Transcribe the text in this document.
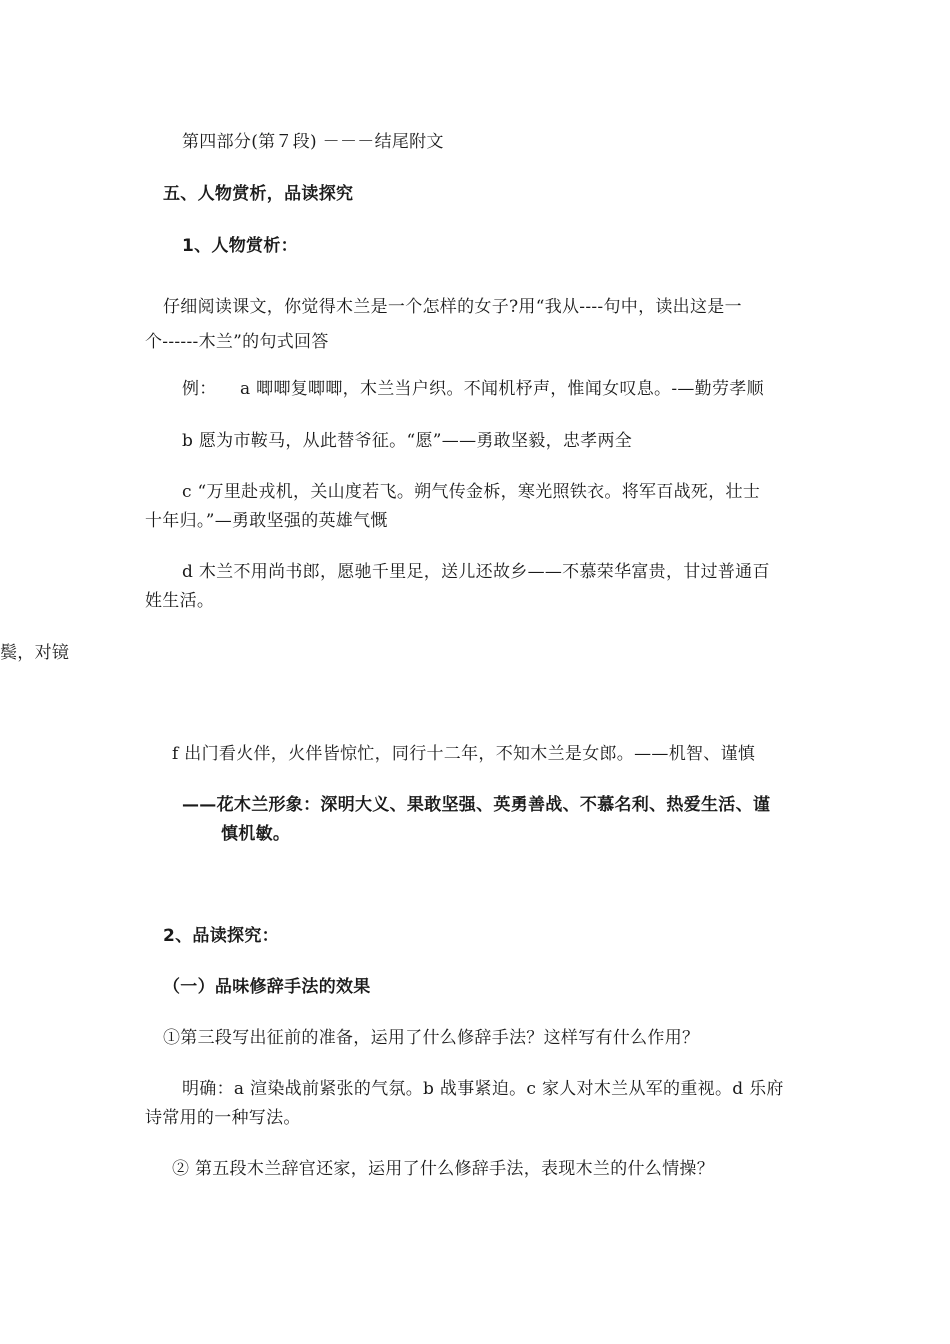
第四部分(第７段) －－－结尾附文
五、人物赏析，品读探究
1、人物赏析：
仔细阅读课文，你觉得木兰是一个怎样的女子?用“我从----句中，读出这是一
个------木兰”的句式回答
例： a 唧唧复唧唧，木兰当户织。不闻机杼声，惟闻女叹息。-—勤劳孝顺
b 愿为市鞍马，从此替爷征。“愿”——勇敢坚毅，忠孝两全
c “万里赴戎机，关山度若飞。朔气传金柝，寒光照铁衣。将军百战死，壮士
十年归。”—勇敢坚强的英雄气慨
d 木兰不用尚书郎，愿驰千里足，送儿还故乡——不慕荣华富贵，甘过普通百
姓生活。
鬓，对镜
f 出门看火伴，火伴皆惊忙，同行十二年，不知木兰是女郎。——机智、谨慎
——花木兰形象：深明大义、果敢坚强、英勇善战、不慕名利、热爱生活、谨
慎机敏。
2、品读探究：
（一）品味修辞手法的效果
①第三段写出征前的准备，运用了什么修辞手法？这样写有什么作用？
明确：a 渲染战前紧张的气氛。b 战事紧迫。c 家人对木兰从军的重视。d 乐府
诗常用的一种写法。
② 第五段木兰辞官还家，运用了什么修辞手法，表现木兰的什么情操？
